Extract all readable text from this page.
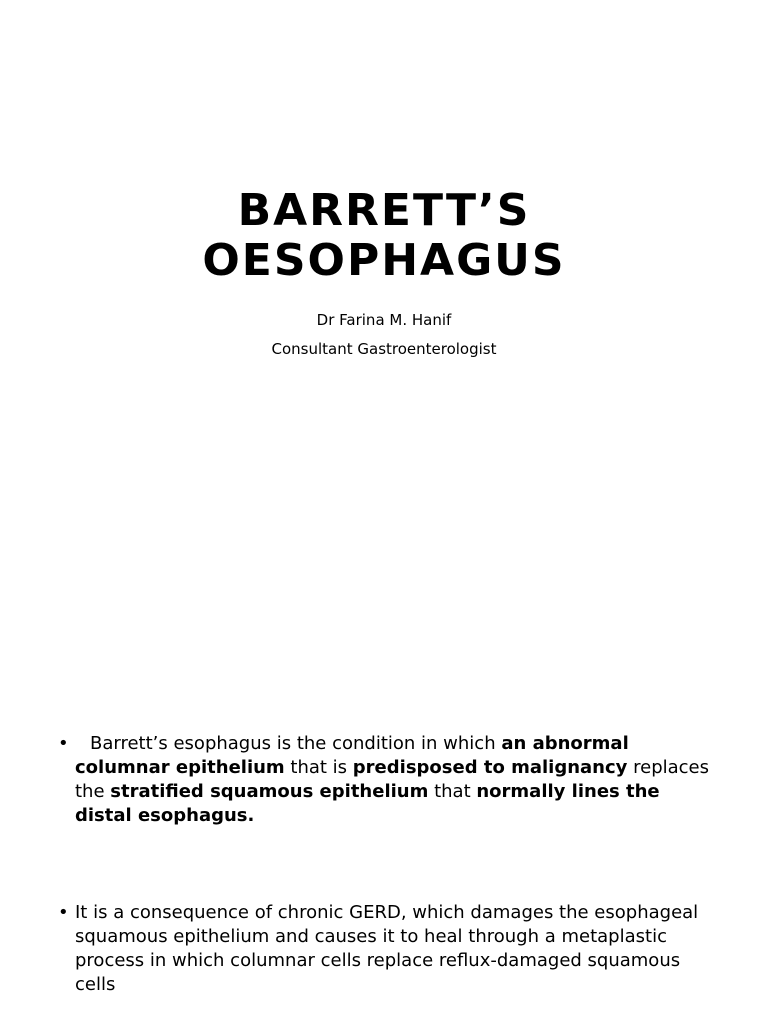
BARRETT’S

OESOPHAGUS

Dr Farina M. Hanif

Consultant Gastroenterologist

• Barrett’s esophagus is the condition in which an abnormal columnar epithelium that is predisposed to malignancy replaces the stratified squamous epithelium that normally lines the distal esophagus.
• It is a consequence of chronic GERD, which damages the esophageal squamous epithelium and causes it to heal through a metaplastic process in which columnar cells replace reflux-damaged squamous cells
